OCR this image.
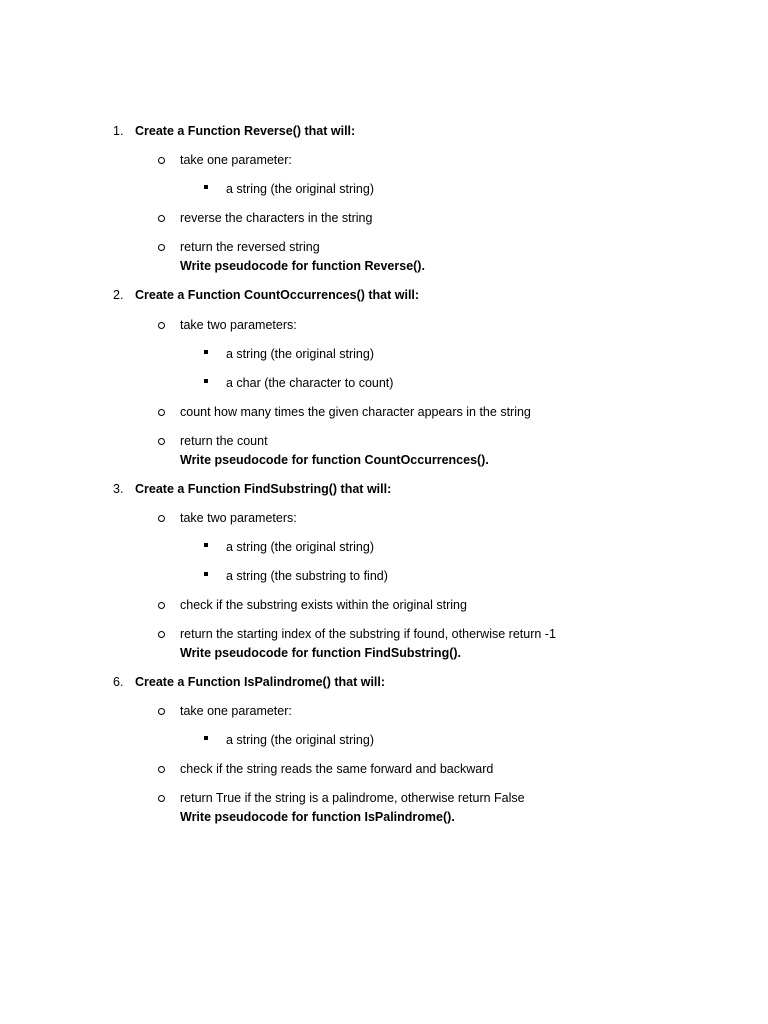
1. Create a Function Reverse() that will:
take one parameter:
a string (the original string)
reverse the characters in the string
return the reversed string
Write pseudocode for function Reverse().
2. Create a Function CountOccurrences() that will:
take two parameters:
a string (the original string)
a char (the character to count)
count how many times the given character appears in the string
return the count
Write pseudocode for function CountOccurrences().
3. Create a Function FindSubstring() that will:
take two parameters:
a string (the original string)
a string (the substring to find)
check if the substring exists within the original string
return the starting index of the substring if found, otherwise return -1
Write pseudocode for function FindSubstring().
6. Create a Function IsPalindrome() that will:
take one parameter:
a string (the original string)
check if the string reads the same forward and backward
return True if the string is a palindrome, otherwise return False
Write pseudocode for function IsPalindrome().
